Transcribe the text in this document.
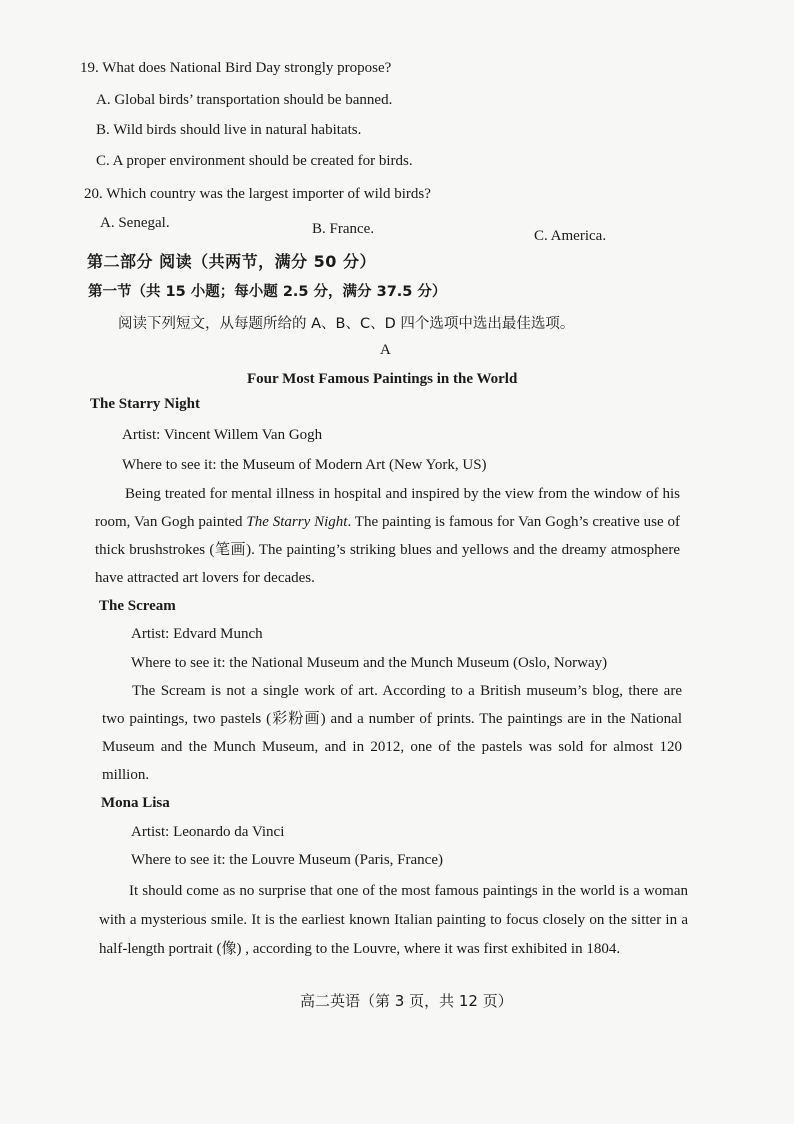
19. What does National Bird Day strongly propose?
A. Global birds’ transportation should be banned.
B. Wild birds should live in natural habitats.
C. A proper environment should be created for birds.
20. Which country was the largest importer of wild birds?
A. Senegal.	B. France.	C. America.
第二部分 阅读（共两节，满分 50 分）
第一节（共 15 小题；每小题 2.5 分，满分 37.5 分）
阅读下列短文，从每题所给的 A、B、C、D 四个选项中选出最佳选项。
A
Four Most Famous Paintings in the World
The Starry Night
Artist: Vincent Willem Van Gogh
Where to see it: the Museum of Modern Art (New York, US)
Being treated for mental illness in hospital and inspired by the view from the window of his room, Van Gogh painted The Starry Night. The painting is famous for Van Gogh’s creative use of thick brushstrokes (笔画). The painting’s striking blues and yellows and the dreamy atmosphere have attracted art lovers for decades.
The Scream
Artist: Edvard Munch
Where to see it: the National Museum and the Munch Museum (Oslo, Norway)
The Scream is not a single work of art. According to a British museum’s blog, there are two paintings, two pastels (彩粉画) and a number of prints. The paintings are in the National Museum and the Munch Museum, and in 2012, one of the pastels was sold for almost 120 million.
Mona Lisa
Artist: Leonardo da Vinci
Where to see it: the Louvre Museum (Paris, France)
It should come as no surprise that one of the most famous paintings in the world is a woman with a mysterious smile. It is the earliest known Italian painting to focus closely on the sitter in a half-length portrait (像) , according to the Louvre, where it was first exhibited in 1804.
高二英语（第 3 页，共 12 页）
